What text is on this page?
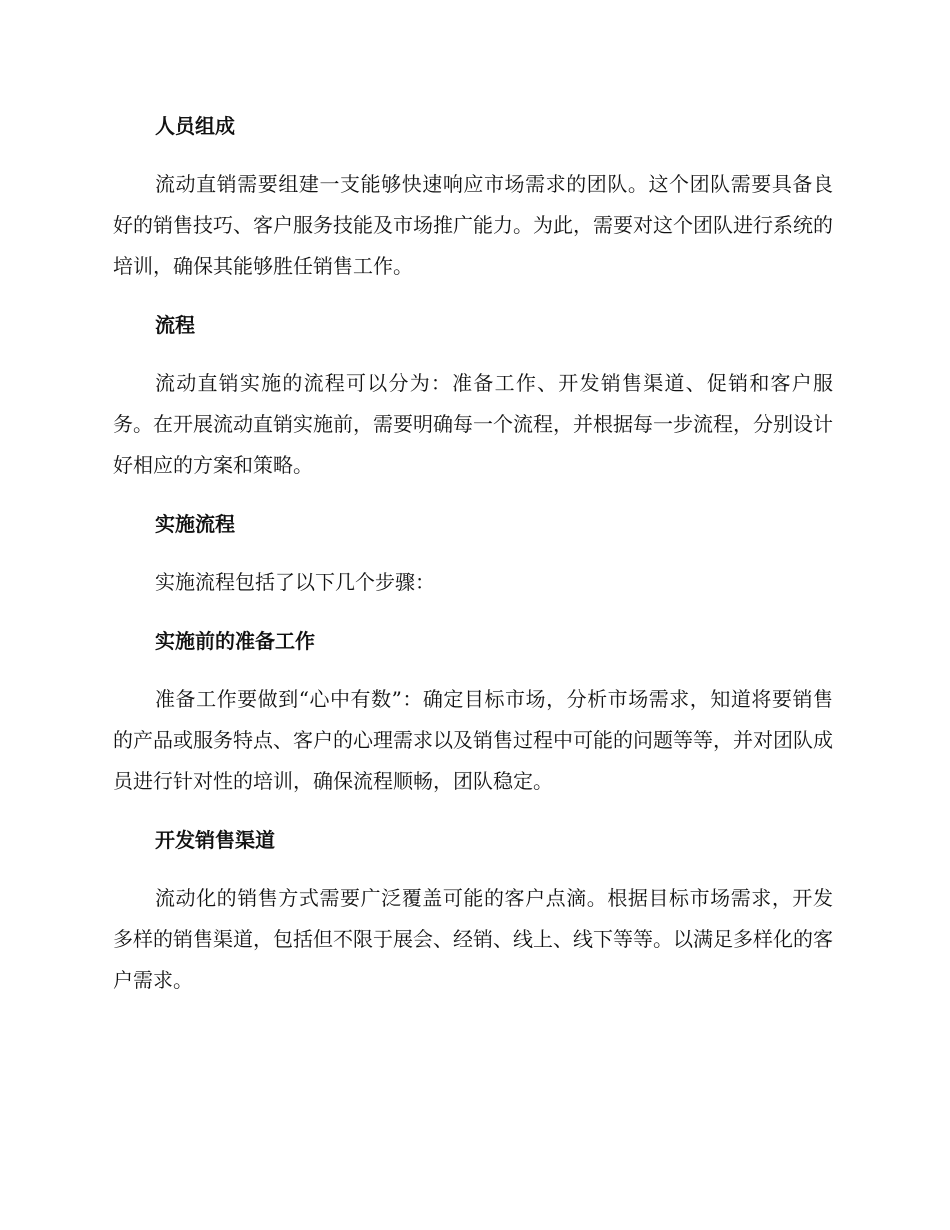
人员组成

流动直销需要组建一支能够快速响应市场需求的团队。这个团队需要具备良好的销售技巧、客户服务技能及市场推广能力。为此，需要对这个团队进行系统的培训，确保其能够胜任销售工作。

流程

流动直销实施的流程可以分为：准备工作、开发销售渠道、促销和客户服务。在开展流动直销实施前，需要明确每一个流程，并根据每一步流程，分别设计好相应的方案和策略。

实施流程

实施流程包括了以下几个步骤：

实施前的准备工作

准备工作要做到“心中有数”：确定目标市场，分析市场需求，知道将要销售的产品或服务特点、客户的心理需求以及销售过程中可能的问题等等，并对团队成员进行针对性的培训，确保流程顺畅，团队稳定。

开发销售渠道

流动化的销售方式需要广泛覆盖可能的客户点滴。根据目标市场需求，开发多样的销售渠道，包括但不限于展会、经销、线上、线下等等。以满足多样化的客户需求。
